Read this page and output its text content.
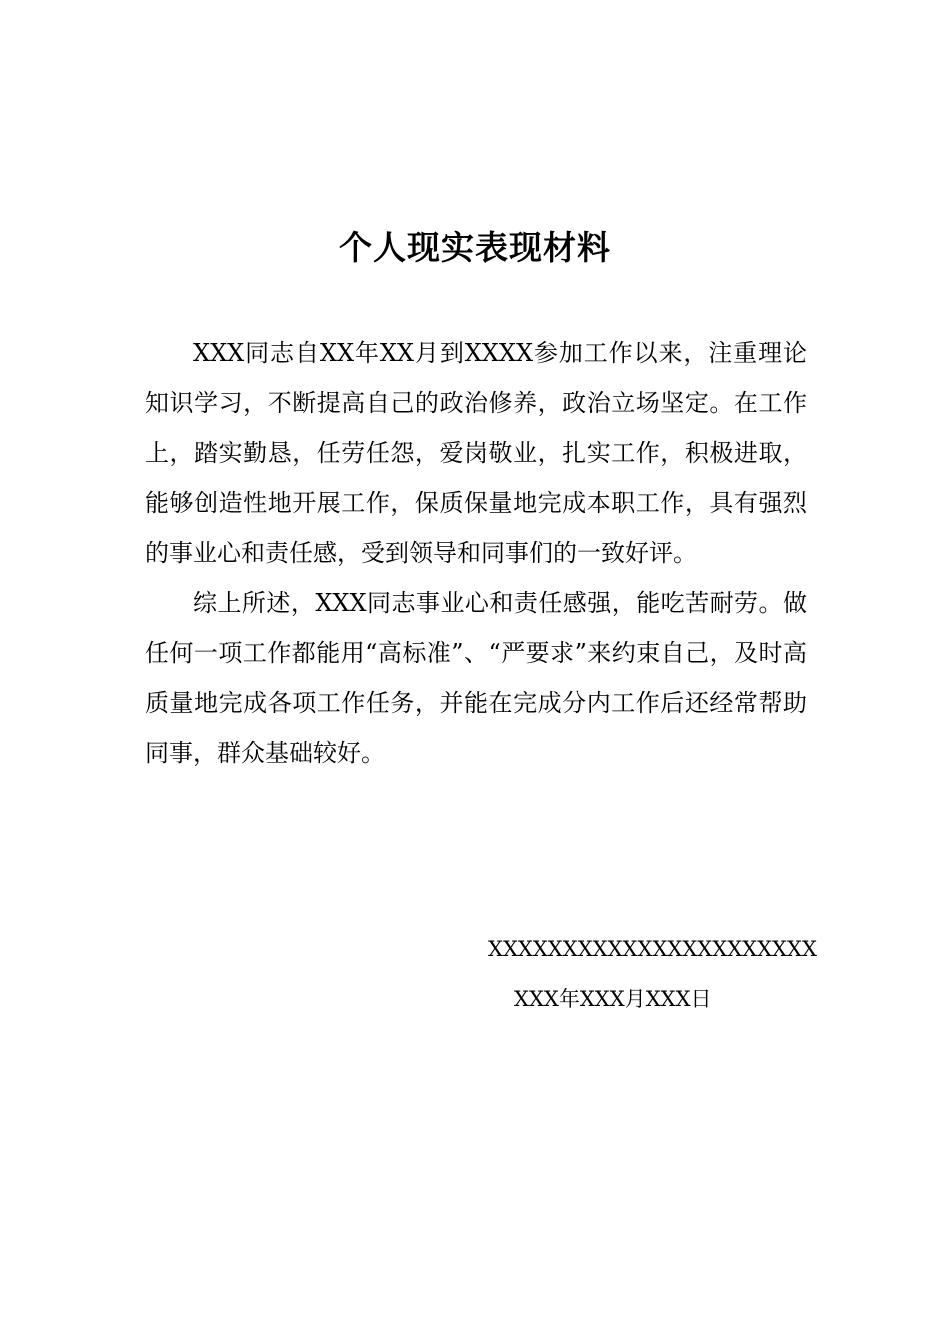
个人现实表现材料

XXX同志自XX年XX月到XXXX参加工作以来，注重理论知识学习，不断提高自己的政治修养，政治立场坚定。在工作上，踏实勤恳，任劳任怨，爱岗敬业，扎实工作，积极进取，能够创造性地开展工作，保质保量地完成本职工作，具有强烈的事业心和责任感，受到领导和同事们的一致好评。

综上所述，XXX同志事业心和责任感强，能吃苦耐劳。做任何一项工作都能用“高标准”、“严要求”来约束自己，及时高质量地完成各项工作任务，并能在完成分内工作后还经常帮助同事，群众基础较好。

XXXXXXXXXXXXXXXXXXXXXX
XXX年XXX月XXX日
